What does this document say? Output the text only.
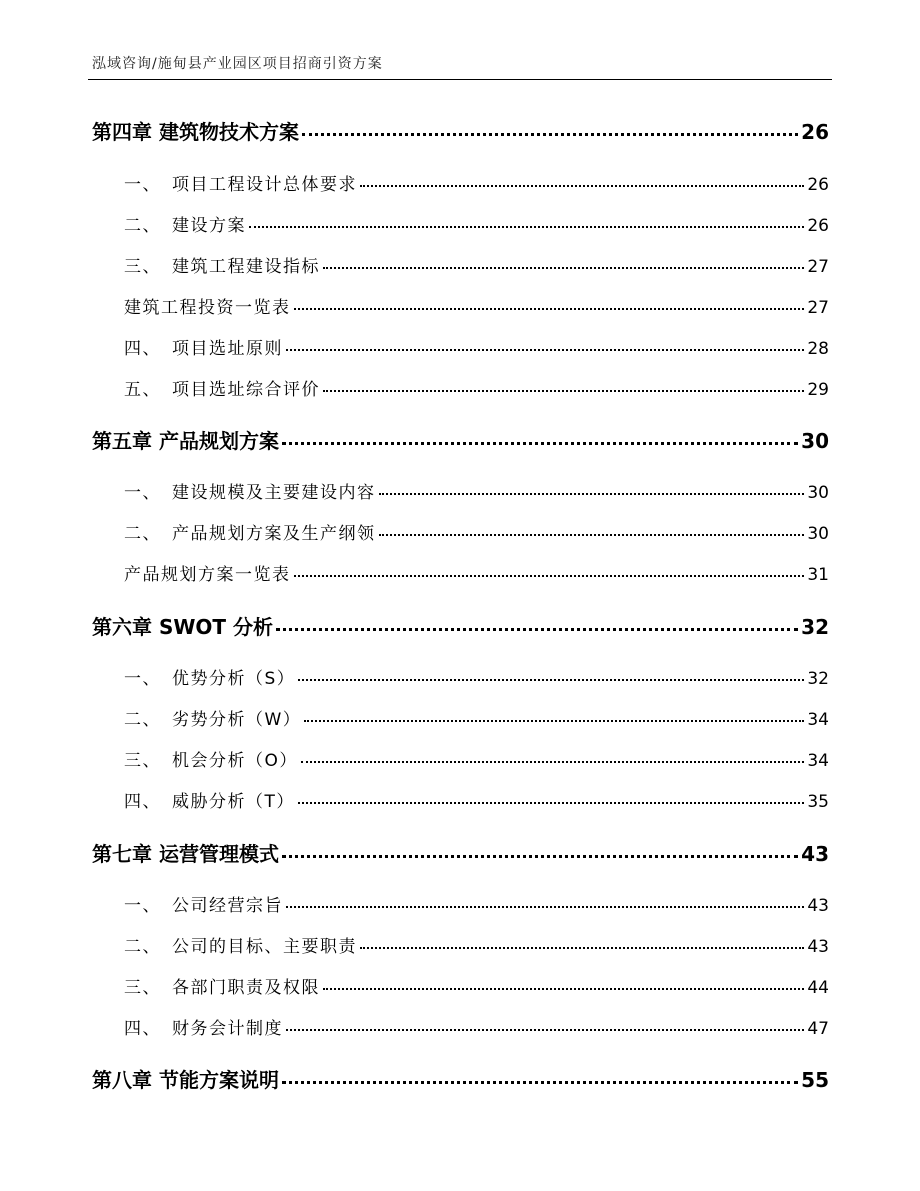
泓域咨询/施甸县产业园区项目招商引资方案
第四章 建筑物技术方案	26
一、 项目工程设计总体要求	26
二、 建设方案	26
三、 建筑工程建设指标	27
建筑工程投资一览表	27
四、 项目选址原则	28
五、 项目选址综合评价	29
第五章 产品规划方案	30
一、 建设规模及主要建设内容	30
二、 产品规划方案及生产纲领	30
产品规划方案一览表	31
第六章 SWOT 分析	32
一、 优势分析（S）	32
二、 劣势分析（W）	34
三、 机会分析（O）	34
四、 威胁分析（T）	35
第七章 运营管理模式	43
一、 公司经营宗旨	43
二、 公司的目标、主要职责	43
三、 各部门职责及权限	44
四、 财务会计制度	47
第八章 节能方案说明	55
